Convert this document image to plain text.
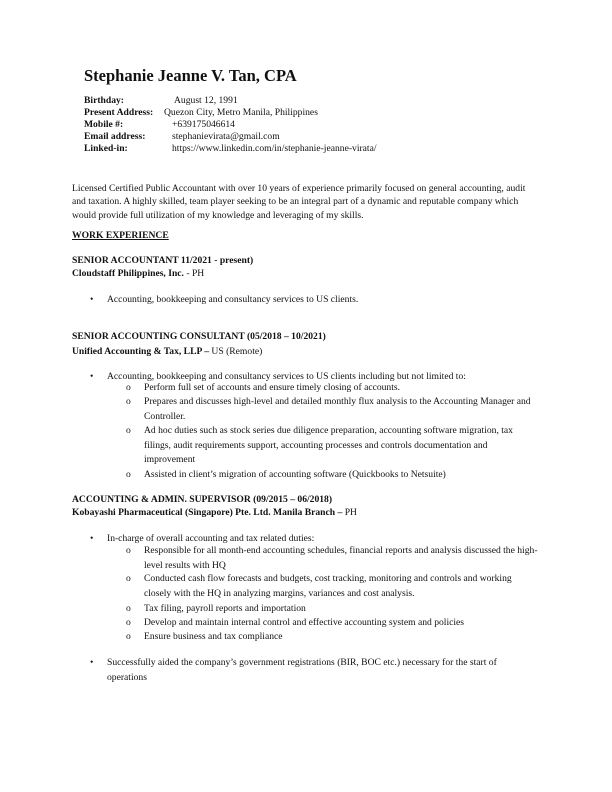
Stephanie Jeanne V. Tan, CPA
Birthday:	August 12, 1991
Present Address: Quezon City, Metro Manila, Philippines
Mobile #:	+639175046614
Email address:	stephanievirata@gmail.com
Linked-in:	https://www.linkedin.com/in/stephanie-jeanne-virata/

Licensed Certified Public Accountant with over 10 years of experience primarily focused on general accounting, audit and taxation. A highly skilled, team player seeking to be an integral part of a dynamic and reputable company which would provide full utilization of my knowledge and leveraging of my skills.

WORK EXPERIENCE
SENIOR ACCOUNTANT 11/2021 - present)
Cloudstaff Philippines, Inc. - PH
• Accounting, bookkeeping and consultancy services to US clients.
SENIOR ACCOUNTING CONSULTANT (05/2018 – 10/2021)
Unified Accounting & Tax, LLP – US (Remote)
• Accounting, bookkeeping and consultancy services to US clients including but not limited to:
o Perform full set of accounts and ensure timely closing of accounts.
o Prepares and discusses high-level and detailed monthly flux analysis to the Accounting Manager and Controller.
o Ad hoc duties such as stock series due diligence preparation, accounting software migration, tax filings, audit requirements support, accounting processes and controls documentation and improvement
o Assisted in client’s migration of accounting software (Quickbooks to Netsuite)
ACCOUNTING & ADMIN. SUPERVISOR (09/2015 – 06/2018)
Kobayashi Pharmaceutical (Singapore) Pte. Ltd. Manila Branch – PH
• In-charge of overall accounting and tax related duties:
o Responsible for all month-end accounting schedules, financial reports and analysis discussed the high-level results with HQ
o Conducted cash flow forecasts and budgets, cost tracking, monitoring and controls and working closely with the HQ in analyzing margins, variances and cost analysis.
o Tax filing, payroll reports and importation
o Develop and maintain internal control and effective accounting system and policies
o Ensure business and tax compliance
• Successfully aided the company’s government registrations (BIR, BOC etc.) necessary for the start of operations
